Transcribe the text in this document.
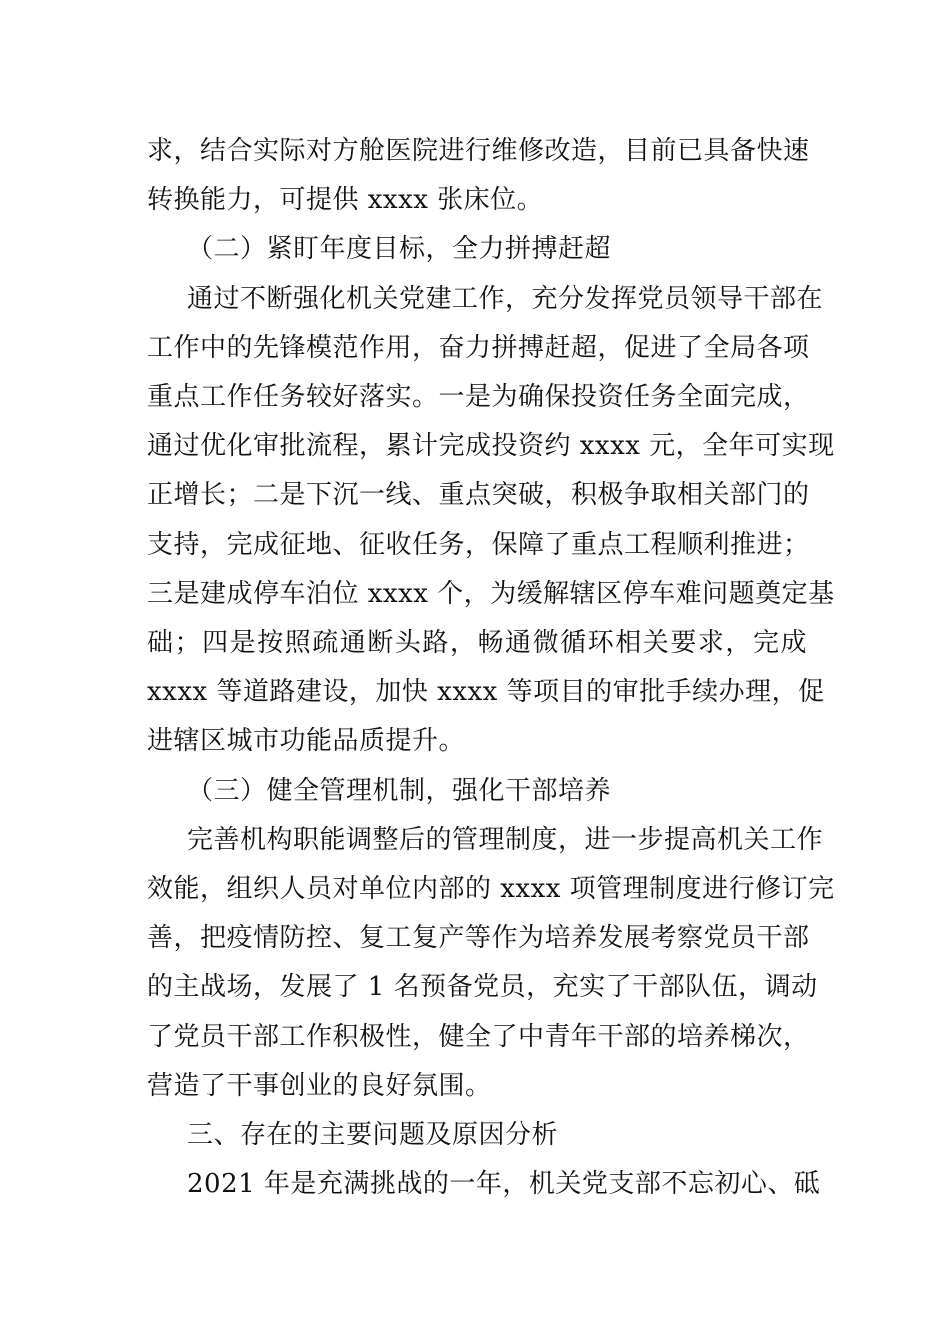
求，结合实际对方舱医院进行维修改造，目前已具备快速
转换能力，可提供 xxxx 张床位。
（二）紧盯年度目标，全力拼搏赶超
通过不断强化机关党建工作，充分发挥党员领导干部在
工作中的先锋模范作用，奋力拼搏赶超，促进了全局各项
重点工作任务较好落实。一是为确保投资任务全面完成，
通过优化审批流程，累计完成投资约 xxxx 元，全年可实现
正增长；二是下沉一线、重点突破，积极争取相关部门的
支持，完成征地、征收任务，保障了重点工程顺利推进；
三是建成停车泊位 xxxx 个，为缓解辖区停车难问题奠定基
础；四是按照疏通断头路，畅通微循环相关要求，完成
xxxx 等道路建设，加快 xxxx 等项目的审批手续办理，促
进辖区城市功能品质提升。
（三）健全管理机制，强化干部培养
完善机构职能调整后的管理制度，进一步提高机关工作
效能，组织人员对单位内部的 xxxx 项管理制度进行修订完
善，把疫情防控、复工复产等作为培养发展考察党员干部
的主战场，发展了 1 名预备党员，充实了干部队伍，调动
了党员干部工作积极性，健全了中青年干部的培养梯次，
营造了干事创业的良好氛围。
三、存在的主要问题及原因分析
2021 年是充满挑战的一年，机关党支部不忘初心、砥
